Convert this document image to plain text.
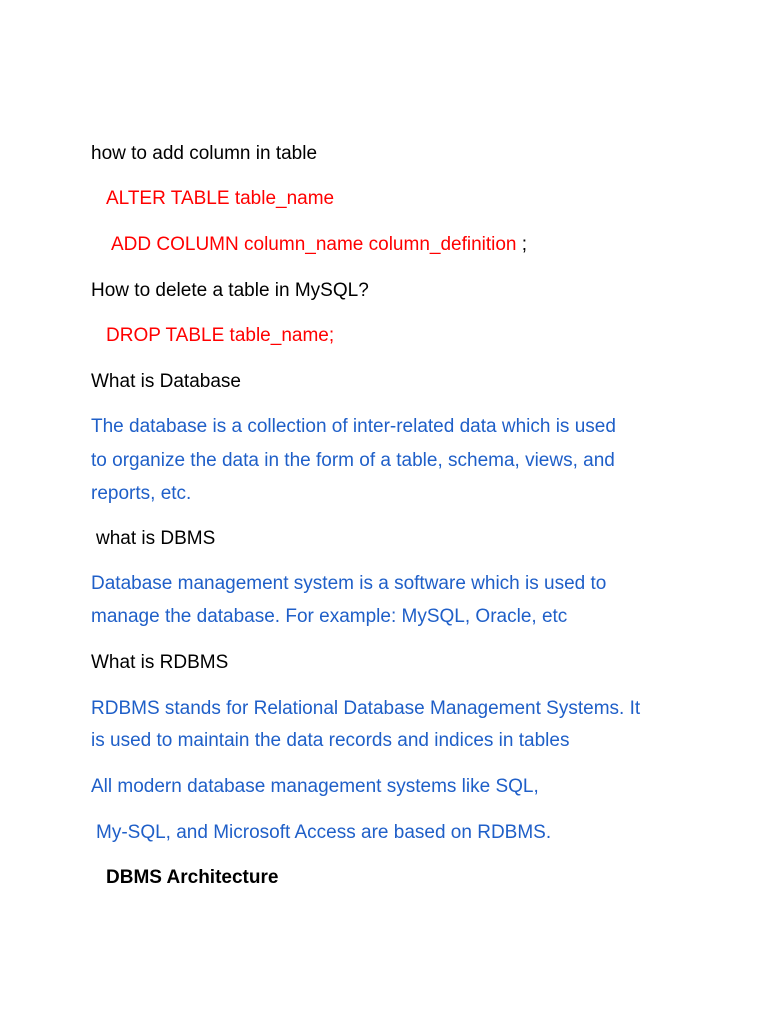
how to add column in table

ALTER TABLE table_name

ADD COLUMN column_name column_definition ;

How to delete a table in MySQL?

DROP TABLE table_name;

What is Database

The database is a collection of inter-related data which is used

to organize the data in the form of a table, schema, views, and

reports, etc.

what is DBMS

Database management system is a software which is used to

manage the database. For example: MySQL, Oracle, etc

What is RDBMS

RDBMS stands for Relational Database Management Systems. It

is used to maintain the data records and indices in tables

All modern database management systems like SQL,

My-SQL, and Microsoft Access are based on RDBMS.

DBMS Architecture
